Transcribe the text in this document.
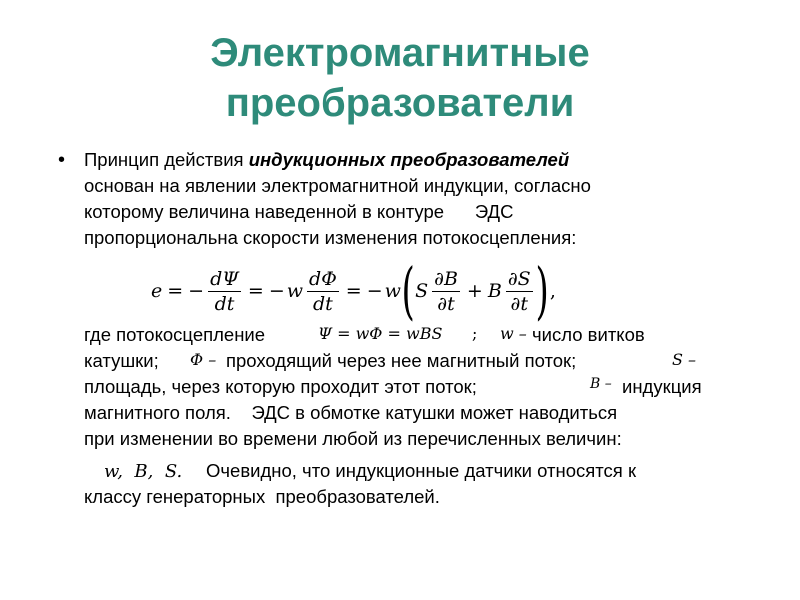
Электромагнитные
преобразователи
• Принцип действия индукционных преобразователей
основан на явлении электромагнитной индукции, согласно
которому величина наведенной в контуре      ЭДС
пропорциональна скорости изменения потокосцепления:
e = − $\frac{d\Psi}{dt}$ = − w $\frac{d\Phi}{dt}$ = − w ( S $\frac{\partial B}{\partial t} + B \frac{\partial S}{\partial t}$ ) ,
где потокосцепление	Ψ = wΦ = wBS ; w – число витков
катушки; Φ – проходящий через нее магнитный поток;	S –
площадь, через которую проходит этот поток;	B – индукция
магнитного поля.    ЭДС в обмотке катушки может наводиться
при изменении во времени любой из перечисленных величин:
w,  B,  S. Очевидно, что индукционные датчики относятся к
классу генераторных  преобразователей.
